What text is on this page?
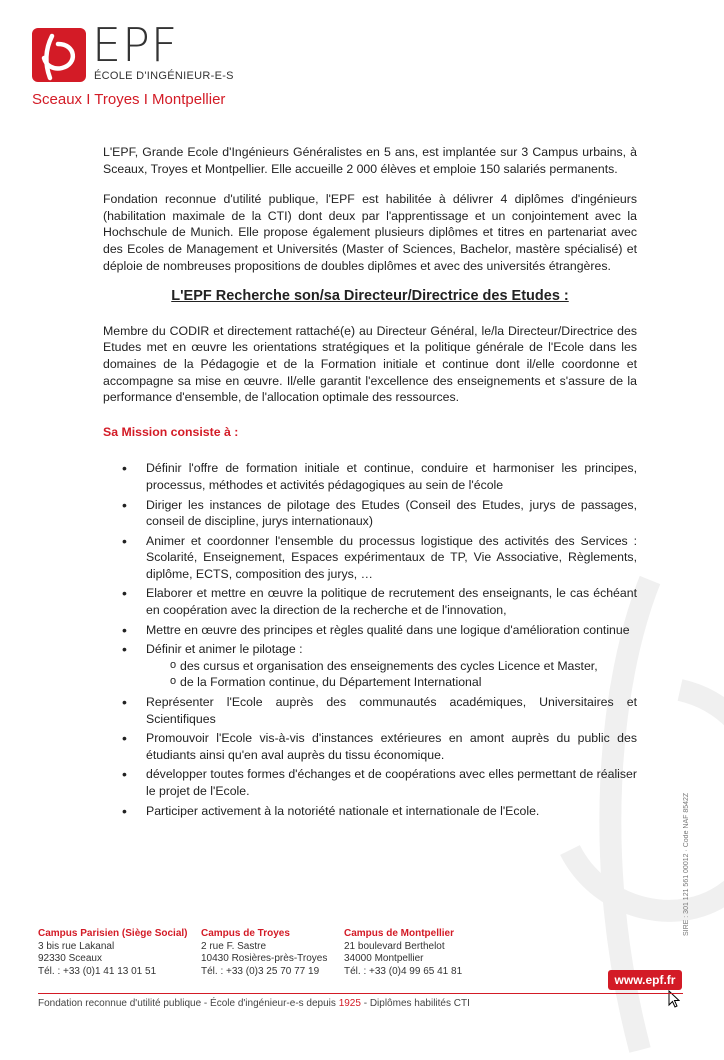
EPF
ÉCOLE D'INGÉNIEUR-E-S
Sceaux I Troyes I Montpellier

L'EPF, Grande Ecole d'Ingénieurs Généralistes en 5 ans, est implantée sur 3 Campus urbains, à Sceaux, Troyes et Montpellier. Elle accueille 2 000 élèves et emploie 150 salariés permanents.

Fondation reconnue d'utilité publique, l'EPF est habilitée à délivrer 4 diplômes d'ingénieurs (habilitation maximale de la CTI) dont deux par l'apprentissage et un conjointement avec la Hochschule de Munich. Elle propose également plusieurs diplômes et titres en partenariat avec des Ecoles de Management et Universités (Master of Sciences, Bachelor, mastère spécialisé) et déploie de nombreuses propositions de doubles diplômes et avec des universités étrangères.

L'EPF Recherche son/sa Directeur/Directrice des Etudes :

Membre du CODIR et directement rattaché(e) au Directeur Général, le/la Directeur/Directrice des Etudes met en œuvre les orientations stratégiques et la politique générale de l'Ecole dans les domaines de la Pédagogie et de la Formation initiale et continue dont il/elle coordonne et accompagne sa mise en œuvre. Il/elle garantit l'excellence des enseignements et s'assure de la performance d'ensemble, de l'allocation optimale des ressources.

Sa Mission consiste à :

• Définir l'offre de formation initiale et continue, conduire et harmoniser les principes, processus, méthodes et activités pédagogiques au sein de l'école
• Diriger les instances de pilotage des Etudes (Conseil des Etudes, jurys de passages, conseil de discipline, jurys internationaux)
• Animer et coordonner l'ensemble du processus logistique des activités des Services : Scolarité, Enseignement, Espaces expérimentaux de TP, Vie Associative, Règlements, diplôme, ECTS, composition des jurys, …
• Elaborer et mettre en œuvre la politique de recrutement des enseignants, le cas échéant en coopération avec la direction de la recherche et de l'innovation,
• Mettre en œuvre des principes et règles qualité dans une logique d'amélioration continue
• Définir et animer le pilotage :
o des cursus et organisation des enseignements des cycles Licence et Master,
o de la Formation continue, du Département International
• Représenter l'Ecole auprès des communautés académiques, Universitaires et Scientifiques
• Promouvoir l'Ecole vis-à-vis d'instances extérieures en amont auprès du public des étudiants ainsi qu'en aval auprès du tissu économique.
• développer toutes formes d'échanges et de coopérations avec elles permettant de réaliser le projet de l'Ecole.
• Participer activement à la notoriété nationale et internationale de l'Ecole.	SIRE : 301 121 561 00012 · Code NAF 8542Z
Campus Parisien (Siège Social)
3 bis rue Lakanal
92330 Sceaux
Tél. : +33 (0)1 41 13 01 51
Campus de Troyes
2 rue F. Sastre
10430 Rosières-près-Troyes
Tél. : +33 (0)3 25 70 77 19
Campus de Montpellier
21 boulevard Berthelot
34000 Montpellier
Tél. : +33 (0)4 99 65 41 81
www.epf.fr
Fondation reconnue d'utilité publique - École d'ingénieur-e-s depuis 1925 - Diplômes habilités CTI
